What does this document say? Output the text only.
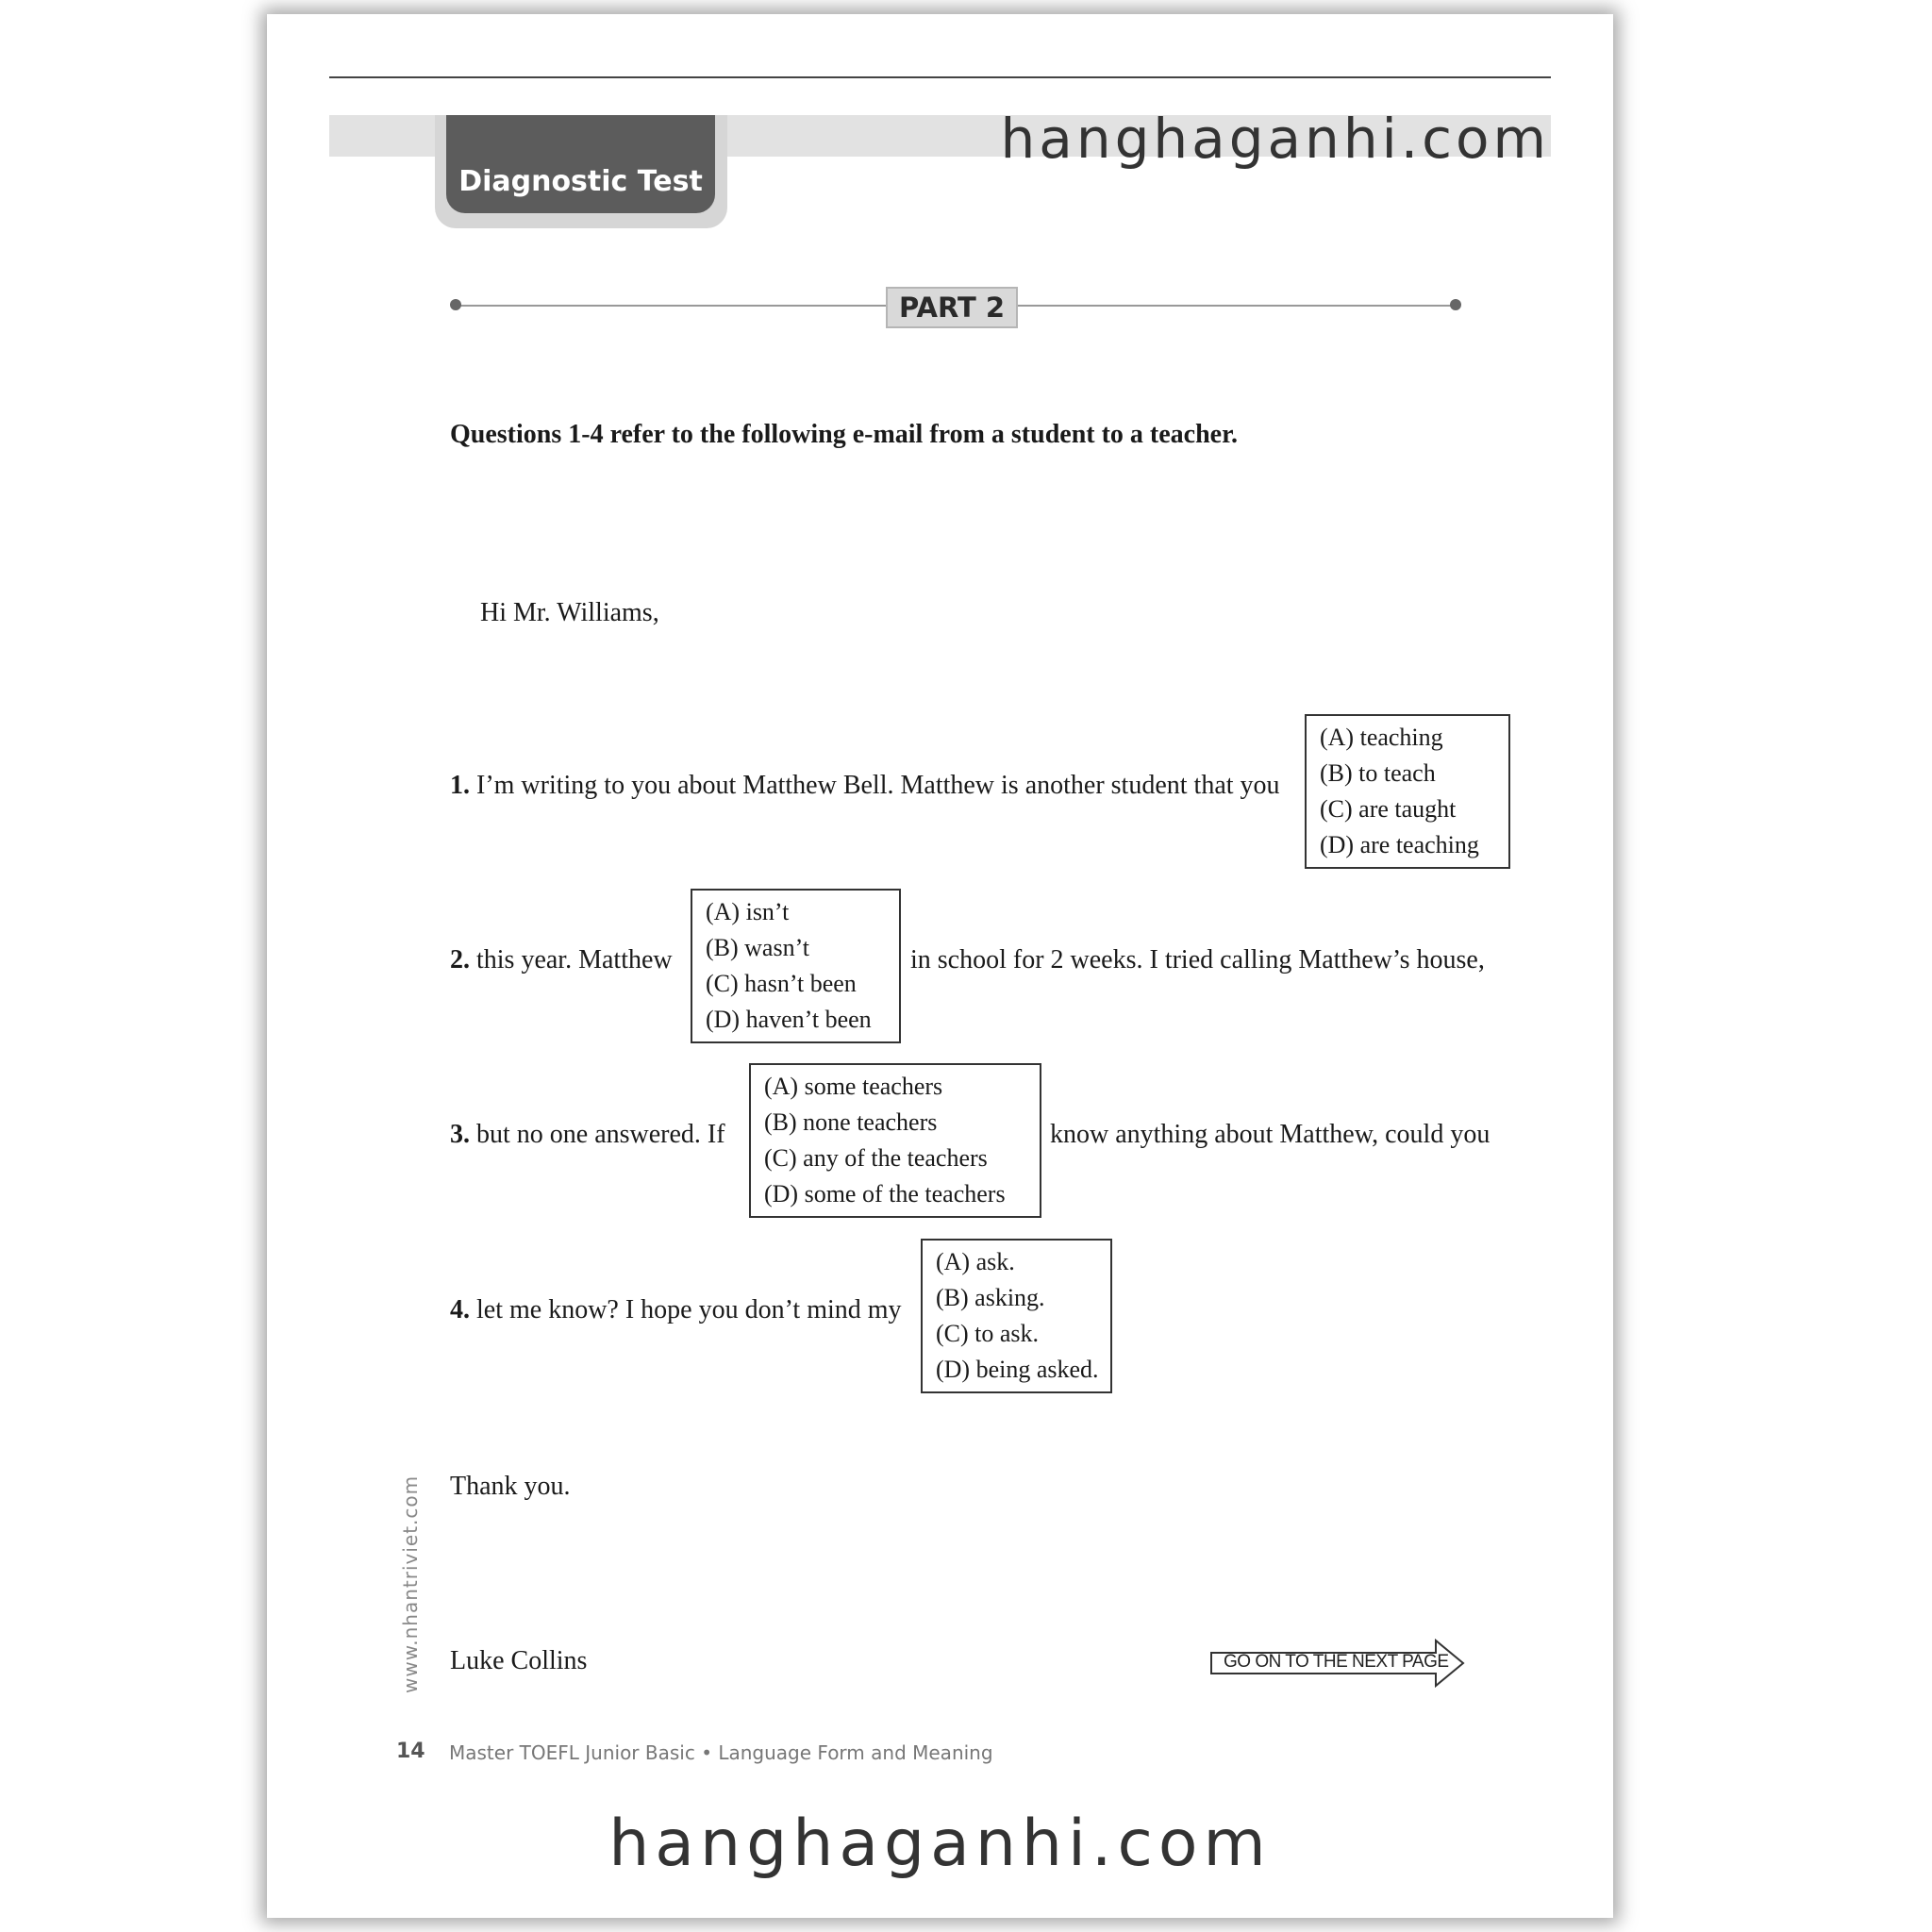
Diagnostic Test
hanghaganhi.com
PART 2
Questions 1-4 refer to the following e-mail from a student to a teacher.
Hi Mr. Williams,
1. I’m writing to you about Matthew Bell. Matthew is another student that you
(A) teaching
(B) to teach
(C) are taught
(D) are teaching
2. this year. Matthew
(A) isn’t
(B) wasn’t
(C) hasn’t been
(D) haven’t been
in school for 2 weeks. I tried calling Matthew’s house,
3. but no one answered. If
(A) some teachers
(B) none teachers
(C) any of the teachers
(D) some of the teachers
know anything about Matthew, could you
4. let me know? I hope you don’t mind my
(A) ask.
(B) asking.
(C) to ask.
(D) being asked.
Thank you.
Luke Collins
www.nhantriviet.com	GO ON TO THE NEXT PAGE
14 Master TOEFL Junior Basic • Language Form and Meaning
hanghaganhi.com
